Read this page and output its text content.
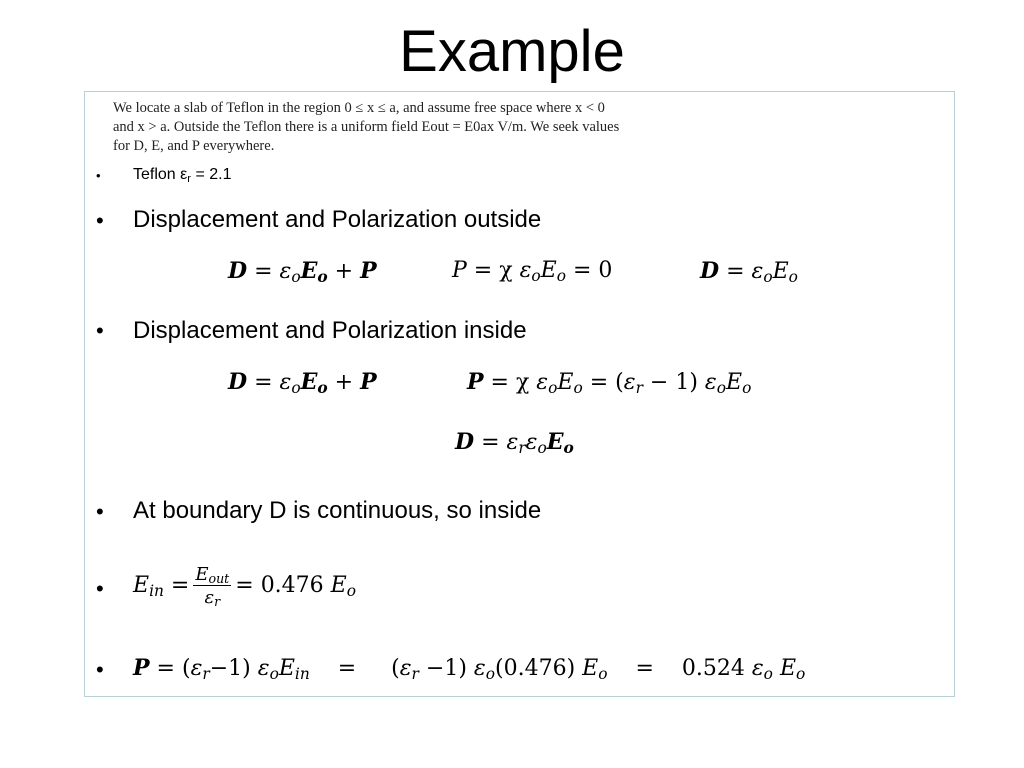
Example
We locate a slab of Teflon in the region 0 ≤ x ≤ a, and assume free space where x < 0
and x > a. Outside the Teflon there is a uniform field Eout = E0ax V/m. We seek values
for D, E, and P everywhere.
• Teflon $\varepsilon_r = 2.1$
• Displacement and Polarization outside
$D = \varepsilon_oE_o + P$	P = χ $\varepsilon_oE_o = 0$	$D = \varepsilon_oE_o$
• Displacement and Polarization inside
$D = \varepsilon_oE_o + P$	P = χ $\varepsilon_oE_o = (\varepsilon_r - 1)$ $\varepsilon_oE_o$
$D = \varepsilon_r\varepsilon_oE_o$
• At boundary D is continuous, so inside
• $E_{in} = \frac{E_{out}}{\varepsilon_r} = 0.476$ $E_o$
• $P = (\varepsilon_r-1)$ $\varepsilon_oE_{in}$    =     $(\varepsilon_r -1)$ $\varepsilon_o(0.476)$ $E_o$    =    0.524 $\varepsilon_o$ $E_o$
